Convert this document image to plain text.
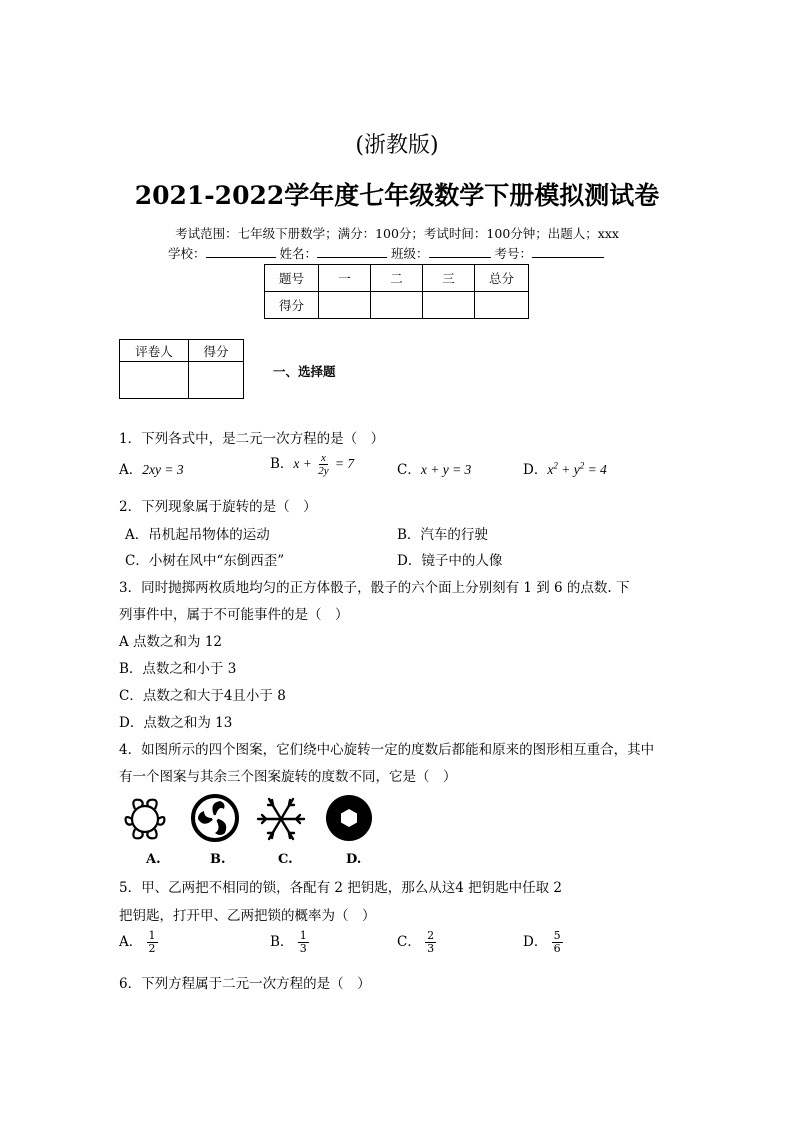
(浙教版)
2021-2022学年度七年级数学下册模拟测试卷
考试范围：七年级下册数学；满分：100分；考试时间：100分钟；出题人；xxx
学校：	姓名：	班级：	考号：
题号	一	二	三	总分
得分				
评卷人	得分

一、选择题
1．下列各式中，是二元一次方程的是（　）
A．2xy = 3	B．$x + \frac{x}{2y} = 7$	C．x + y = 3	D．$x^2 + y^2 = 4$
2．下列现象属于旋转的是（　）
A．吊机起吊物体的运动	B．汽车的行驶
C．小树在风中“东倒西歪”	D．镜子中的人像
3．同时抛掷两枚质地均匀的正方体骰子，骰子的六个面上分别刻有 1 到 6 的点数. 下
列事件中，属于不可能事件的是（　）
A 点数之和为 12
B．点数之和小于 3
C．点数之和大于4且小于 8
D．点数之和为 13
4．如图所示的四个图案，它们绕中心旋转一定的度数后都能和原来的图形相互重合，其中
有一个图案与其余三个图案旋转的度数不同，它是（　）
A.	B.	C.	D.
5．甲、乙两把不相同的锁，各配有 2 把钥匙，那么从这4 把钥匙中任取 2
把钥匙，打开甲、乙两把锁的概率为（　）
A． $\frac{1}{2}$	B． $\frac{1}{3}$	C． $\frac{2}{3}$	D． $\frac{5}{6}$
6．下列方程属于二元一次方程的是（　）
